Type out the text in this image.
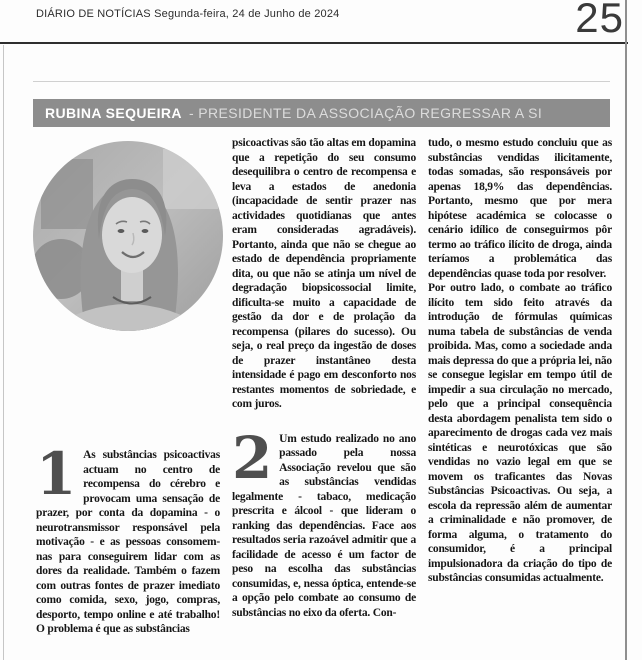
DIÁRIO DE NOTÍCIAS Segunda-feira, 24 de Junho de 2024	25
RUBINA SEQUEIRA - PRESIDENTE DA ASSOCIAÇÃO REGRESSAR A SI

1 As substâncias psicoactivas actuam no centro de recompensa do cérebro e provocam uma sensação de prazer, por conta da dopamina - o neurotransmissor responsável pela motivação - e as pessoas consomem-nas para conseguirem lidar com as dores da realidade. Também o fazem com outras fontes de prazer imediato como comida, sexo, jogo, compras, desporto, tempo online e até trabalho! O problema é que as substâncias

psicoactivas são tão altas em dopamina que a repetição do seu consumo desequilibra o centro de recompensa e leva a estados de anedonia (incapacidade de sentir prazer nas actividades quotidianas que antes eram consideradas agradáveis). Portanto, ainda que não se chegue ao estado de dependência propriamente dita, ou que não se atinja um nível de degradação biopsicossocial limite, dificulta-se muito a capacidade de gestão da dor e de prolação da recompensa (pilares do sucesso). Ou seja, o real preço da ingestão de doses de prazer instantâneo desta intensidade é pago em desconforto nos restantes momentos de sobriedade, e com juros.

2 Um estudo realizado no ano passado pela nossa Associação revelou que são as substâncias vendidas legalmente - tabaco, medicação prescrita e álcool - que lideram o ranking das dependências. Face aos resultados seria razoável admitir que a facilidade de acesso é um factor de peso na escolha das substâncias consumidas, e, nessa óptica, entende-se a opção pelo combate ao consumo de substâncias no eixo da oferta. Con-

tudo, o mesmo estudo concluiu que as substâncias vendidas ilicitamente, todas somadas, são responsáveis por apenas 18,9% das dependências. Portanto, mesmo que por mera hipótese académica se colocasse o cenário idílico de conseguirmos pôr termo ao tráfico ilícito de droga, ainda teríamos a problemática das dependências quase toda por resolver.

Por outro lado, o combate ao tráfico ilícito tem sido feito através da introdução de fórmulas químicas numa tabela de substâncias de venda proibida. Mas, como a sociedade anda mais depressa do que a própria lei, não se consegue legislar em tempo útil de impedir a sua circulação no mercado, pelo que a principal consequência desta abordagem penalista tem sido o aparecimento de drogas cada vez mais sintéticas e neurotóxicas que são vendidas no vazio legal em que se movem os traficantes das Novas Substâncias Psicoactivas. Ou seja, a escola da repressão além de aumentar a criminalidade e não promover, de forma alguma, o tratamento do consumidor, é a principal impulsionadora da criação do tipo de substâncias consumidas actualmente.
